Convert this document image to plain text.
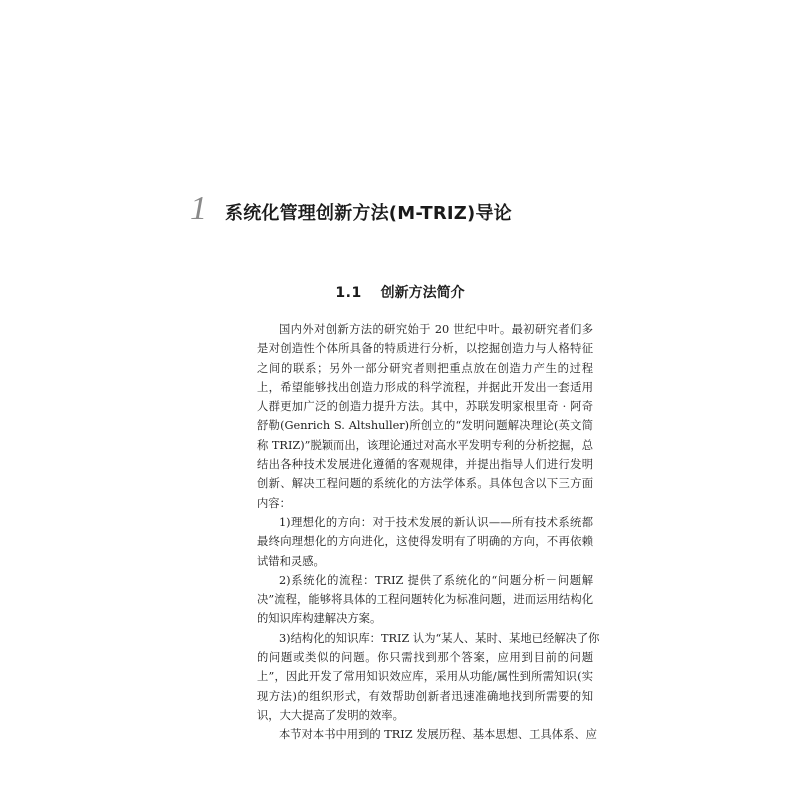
1 系统化管理创新方法(M-TRIZ)导论
1.1 创新方法简介
国内外对创新方法的研究始于 20 世纪中叶。最初研究者们多
是对创造性个体所具备的特质进行分析，以挖掘创造力与人格特征
之间的联系；另外一部分研究者则把重点放在创造力产生的过程
上，希望能够找出创造力形成的科学流程，并据此开发出一套适用
人群更加广泛的创造力提升方法。其中，苏联发明家根里奇 · 阿奇
舒勒(Genrich S. Altshuller)所创立的“发明问题解决理论(英文简
称 TRIZ)”脱颖而出，该理论通过对高水平发明专利的分析挖掘，总
结出各种技术发展进化遵循的客观规律，并提出指导人们进行发明
创新、解决工程问题的系统化的方法学体系。具体包含以下三方面
内容：
1)理想化的方向：对于技术发展的新认识——所有技术系统都
最终向理想化的方向进化，这使得发明有了明确的方向，不再依赖
试错和灵感。
2)系统化的流程：TRIZ 提供了系统化的“问题分析－问题解
决”流程，能够将具体的工程问题转化为标准问题，进而运用结构化
的知识库构建解决方案。
3)结构化的知识库：TRIZ 认为“某人、某时、某地已经解决了你
的问题或类似的问题。你只需找到那个答案，应用到目前的问题
上”，因此开发了常用知识效应库，采用从功能/属性到所需知识(实
现方法)的组织形式，有效帮助创新者迅速准确地找到所需要的知
识，大大提高了发明的效率。
本节对本书中用到的 TRIZ 发展历程、基本思想、工具体系、应
